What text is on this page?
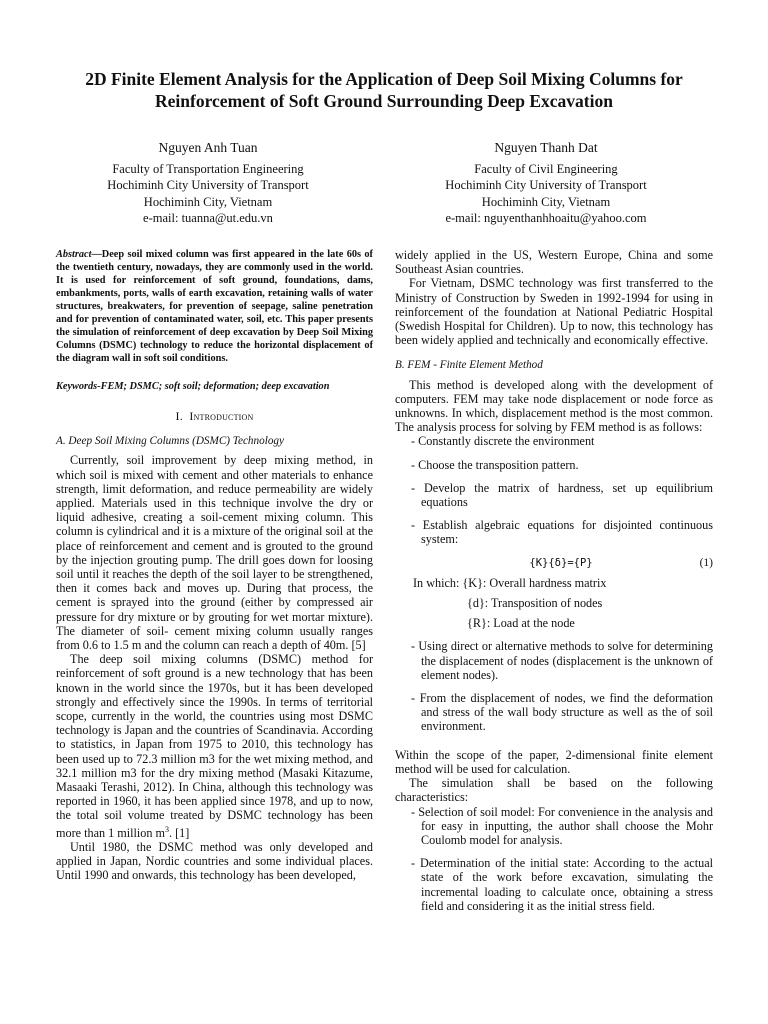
2D Finite Element Analysis for the Application of Deep Soil Mixing Columns for
Reinforcement of Soft Ground Surrounding Deep Excavation
Nguyen Anh Tuan
Faculty of Transportation Engineering
Hochiminh City University of Transport
Hochiminh City, Vietnam
e-mail: tuanna@ut.edu.vn
Nguyen Thanh Dat
Faculty of Civil Engineering
Hochiminh City University of Transport
Hochiminh City, Vietnam
e-mail: nguyenthanhhoaitu@yahoo.com

Abstract—Deep soil mixed column was first appeared in the late 60s of the twentieth century, nowadays, they are commonly used in the world. It is used for reinforcement of soft ground, foundations, dams, embankments, ports, walls of earth excavation, retaining walls of water structures, breakwaters, for prevention of seepage, saline penetration and for prevention of contaminated water, soil, etc. This paper presents the simulation of reinforcement of deep excavation by Deep Soil Mixing Columns (DSMC) technology to reduce the horizontal displacement of the diagram wall in soft soil conditions.

Keywords-FEM; DSMC; soft soil; deformation; deep excavation

I. Introduction

A. Deep Soil Mixing Columns (DSMC) Technology

Currently, soil improvement by deep mixing method, in which soil is mixed with cement and other materials to enhance strength, limit deformation, and reduce permeability are widely applied. Materials used in this technique involve the dry or liquid adhesive, creating a soil-cement mixing column. This column is cylindrical and it is a mixture of the original soil at the place of reinforcement and cement and is grouted to the ground by the injection grouting pump. The drill goes down for loosing soil until it reaches the depth of the soil layer to be strengthened, then it comes back and moves up. During that process, the cement is sprayed into the ground (either by compressed air pressure for dry mixture or by grouting for wet mortar mixture). The diameter of soil- cement mixing column usually ranges from 0.6 to 1.5 m and the column can reach a depth of 40m. [5]

The deep soil mixing columns (DSMC) method for reinforcement of soft ground is a new technology that has been known in the world since the 1970s, but it has been developed strongly and effectively since the 1990s. In terms of territorial scope, currently in the world, the countries using most DSMC technology is Japan and the countries of Scandinavia. According to statistics, in Japan from 1975 to 2010, this technology has been used up to 72.3 million m3 for the wet mixing method, and 32.1 million m3 for the dry mixing method (Masaki Kitazume, Masaaki Terashi, 2012). In China, although this technology was reported in 1960, it has been applied since 1978, and up to now, the total soil volume treated by DSMC technology has been more than 1 million $m^3$. [1]

Until 1980, the DSMC method was only developed and applied in Japan, Nordic countries and some individual places. Until 1990 and onwards, this technology has been developed,

widely applied in the US, Western Europe, China and some Southeast Asian countries.

For Vietnam, DSMC technology was first transferred to the Ministry of Construction by Sweden in 1992-1994 for using in reinforcement of the foundation at National Pediatric Hospital (Swedish Hospital for Children). Up to now, this technology has been widely applied and technically and economically effective.

B. FEM - Finite Element Method

This method is developed along with the development of computers. FEM may take node displacement or node force as unknowns. In which, displacement method is the most common. The analysis process for solving by FEM method is as follows:

- Constantly discrete the environment

- Choose the transposition pattern.

- Develop the matrix of hardness, set up equilibrium equations

- Establish algebraic equations for disjointed continuous system:

{K}{δ}={P}	(1)

In which: {K}: Overall hardness matrix

{d}: Transposition of nodes

{R}: Load at the node

- Using direct or alternative methods to solve for determining the displacement of nodes (displacement is the unknown of element nodes).

- From the displacement of nodes, we find the deformation and stress of the wall body structure as well as the of soil environment.

Within the scope of the paper, 2-dimensional finite element method will be used for calculation.

The simulation shall be based on the following characteristics:

- Selection of soil model: For convenience in the analysis and for easy in inputting, the author shall choose the Mohr Coulomb model for analysis.

- Determination of the initial state: According to the actual state of the work before excavation, simulating the incremental loading to calculate once, obtaining a stress field and considering it as the initial stress field.
